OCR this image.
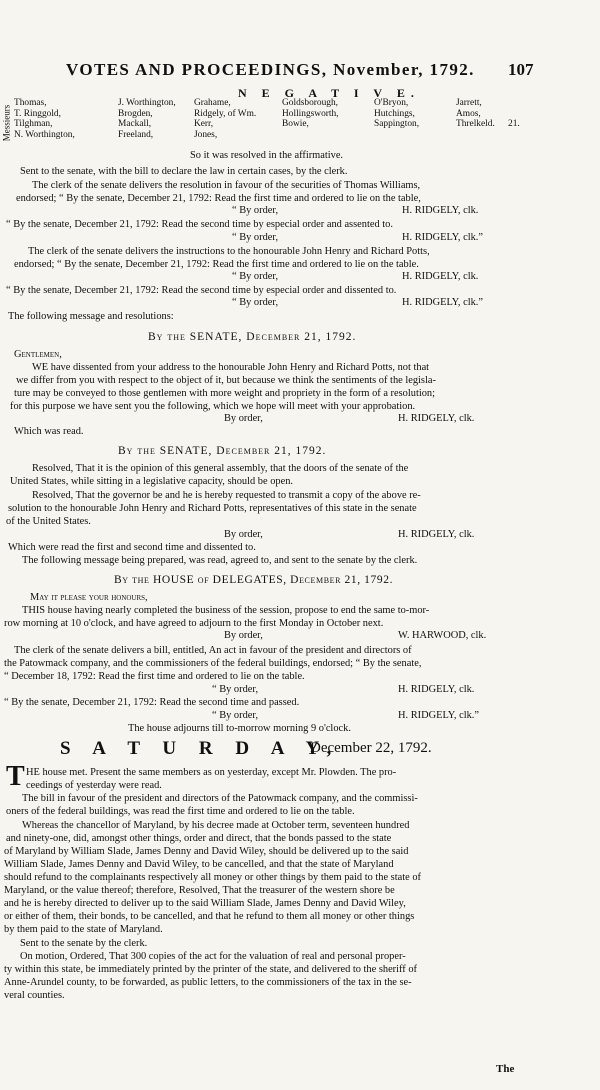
VOTES AND PROCEEDINGS, November, 1792. 107
N E G A T I V E.
Messieurs
Thomas,	J. Worthington,	Grahame,	Goldsborough,	O'Bryon,	Jarrett,	
T. Ringgold,	Brogden,	Ridgely, of Wm.	Hollingsworth,	Hutchings,	Amos,	
Tilghman,	Mackall,	Kerr,	Bowie,	Sappington,	Threlkeld.	21.
N. Worthington,	Freeland,	Jones,				
So it was resolved in the affirmative.
Sent to the senate, with the bill to declare the law in certain cases, by the clerk.
The clerk of the senate delivers the resolution in favour of the securities of Thomas Williams,
endorsed; “ By the senate, December 21, 1792: Read the first time and ordered to lie on the table,
“ By order,	H. RIDGELY, clk.
“ By the senate, December 21, 1792: Read the second time by especial order and assented to.
“ By order,	H. RIDGELY, clk.”
The clerk of the senate delivers the instructions to the honourable John Henry and Richard Potts,
endorsed; “ By the senate, December 21, 1792: Read the first time and ordered to lie on the table.
“ By order,	H. RIDGELY, clk.
“ By the senate, December 21, 1792: Read the second time by especial order and dissented to.
“ By order,	H. RIDGELY, clk.”
The following message and resolutions:
By the SENATE, December 21, 1792.
Gentlemen,
WE have dissented from your address to the honourable John Henry and Richard Potts, not that
we differ from you with respect to the object of it, but because we think the sentiments of the legisla-
ture may be conveyed to those gentlemen with more weight and propriety in the form of a resolution;
for this purpose we have sent you the following, which we hope will meet with your approbation.
By order,	H. RIDGELY, clk.
Which was read.
By the SENATE, December 21, 1792.
Resolved, That it is the opinion of this general assembly, that the doors of the senate of the
United States, while sitting in a legislative capacity, should be open.
Resolved, That the governor be and he is hereby requested to transmit a copy of the above re-
solution to the honourable John Henry and Richard Potts, representatives of this state in the senate
of the United States.
By order,	H. RIDGELY, clk.
Which were read the first and second time and dissented to.
The following message being prepared, was read, agreed to, and sent to the senate by the clerk.
By the HOUSE of DELEGATES, December 21, 1792.
May it please your honours,
THIS house having nearly completed the business of the session, propose to end the same to-mor-
row morning at 10 o'clock, and have agreed to adjourn to the first Monday in October next.
By order,	W. HARWOOD, clk.
The clerk of the senate delivers a bill, entitled, An act in favour of the president and directors of
the Patowmack company, and the commissioners of the federal buildings, endorsed; “ By the senate,
“ December 18, 1792: Read the first time and ordered to lie on the table.
“ By order,	H. RIDGELY, clk.
“ By the senate, December 21, 1792: Read the second time and passed.
“ By order,	H. RIDGELY, clk.”
The house adjourns till to-morrow morning 9 o'clock.
S A T U R D A Y,
December 22, 1792.
T HE house met. Present the same members as on yesterday, except Mr. Plowden. The pro-
ceedings of yesterday were read.
The bill in favour of the president and directors of the Patowmack company, and the commissi-
oners of the federal buildings, was read the first time and ordered to lie on the table.
Whereas the chancellor of Maryland, by his decree made at October term, seventeen hundred
and ninety-one, did, amongst other things, order and direct, that the bonds passed to the state
of Maryland by William Slade, James Denny and David Wiley, should be delivered up to the said
William Slade, James Denny and David Wiley, to be cancelled, and that the state of Maryland
should refund to the complainants respectively all money or other things by them paid to the state of
Maryland, or the value thereof; therefore, Resolved, That the treasurer of the western shore be
and he is hereby directed to deliver up to the said William Slade, James Denny and David Wiley,
or either of them, their bonds, to be cancelled, and that he refund to them all money or other things
by them paid to the state of Maryland.
Sent to the senate by the clerk.
On motion, Ordered, That 300 copies of the act for the valuation of real and personal proper-
ty within this state, be immediately printed by the printer of the state, and delivered to the sheriff of
Anne-Arundel county, to be forwarded, as public letters, to the commissioners of the tax in the se-
veral counties.
The
